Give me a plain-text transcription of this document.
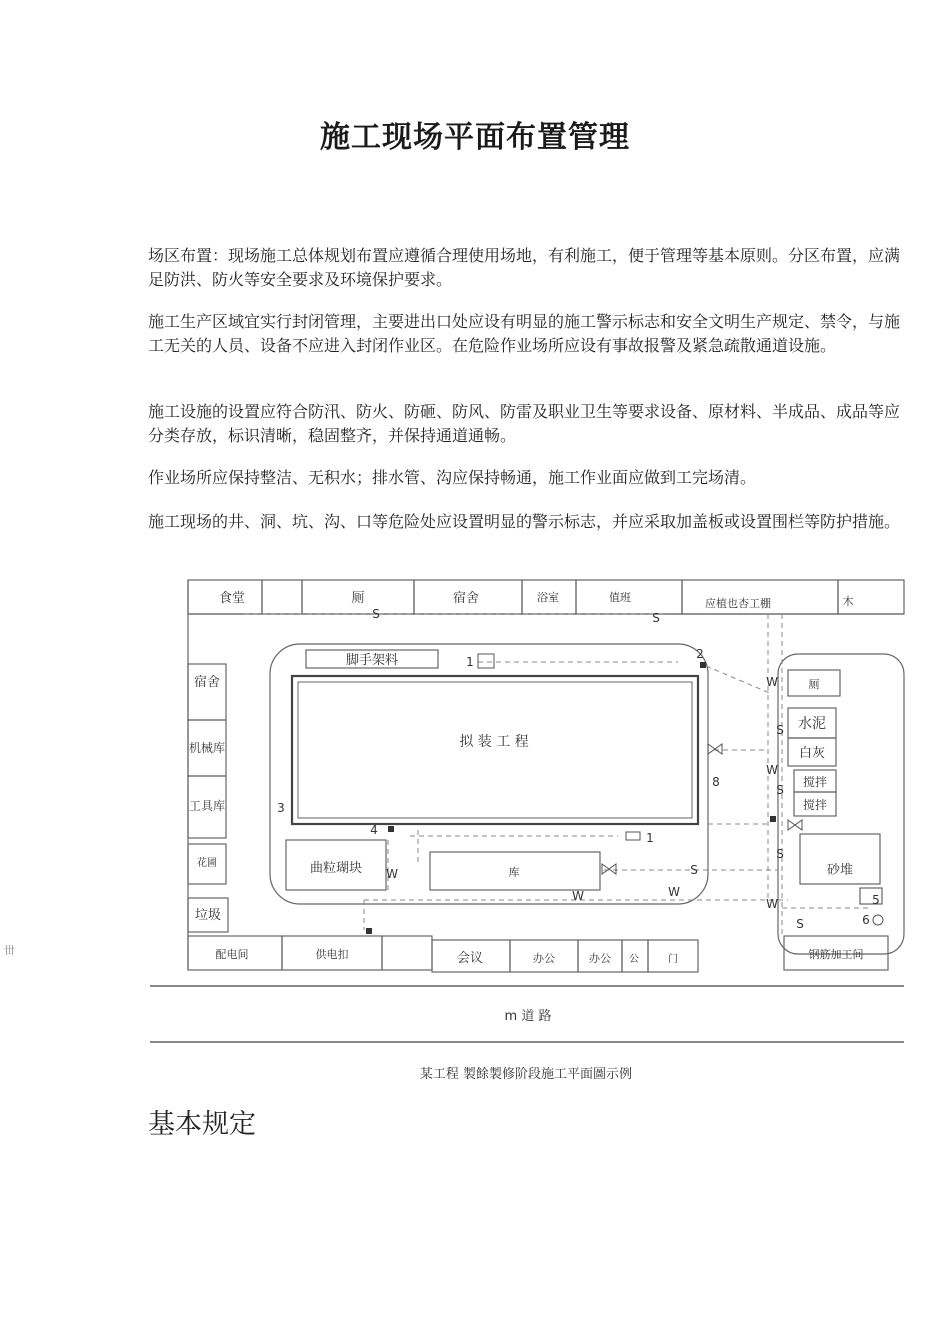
施工现场平面布置管理

场区布置：现场施工总体规划布置应遵循合理使用场地，有利施工，便于管理等基本原则。分区布置，应满足防洪、防火等安全要求及环境保护要求。

施工生产区域宜实行封闭管理，主要进出口处应设有明显的施工警示标志和安全文明生产规定、禁令，与施工无关的人员、设备不应进入封闭作业区。在危险作业场所应设有事故报警及紧急疏散通道设施。

施工设施的设置应符合防汛、防火、防砸、防风、防雷及职业卫生等要求设备、原材料、半成品、成品等应分类存放，标识清晰，稳固整齐，并保持通道通畅。

作业场所应保持整洁、无积水；排水管、沟应保持畅通，施工作业面应做到工完场清。

施工现场的井、洞、坑、沟、口等危险处应设置明显的警示标志，并应采取加盖板或设置围栏等防护措施。

食堂	厕	宿舍	浴室	值班	应植也杏工棚	木
脚手架料
拟 装 工 程
曲粒瑚块	库
厕
水泥
白灰
搅拌
搅拌
砂堆
会议	办公
办公	公	门
配电间	供电扣	钢筋加工间
m 道 路
某工程 製餘製修阶段施工平面圖示例
宿舍
机械库
工具库
花圃
垃圾
S	S
S
S
S
S
S
W
W
W
W
W	W
1
2
3
4
1
5
6
8
丗
基本规定
